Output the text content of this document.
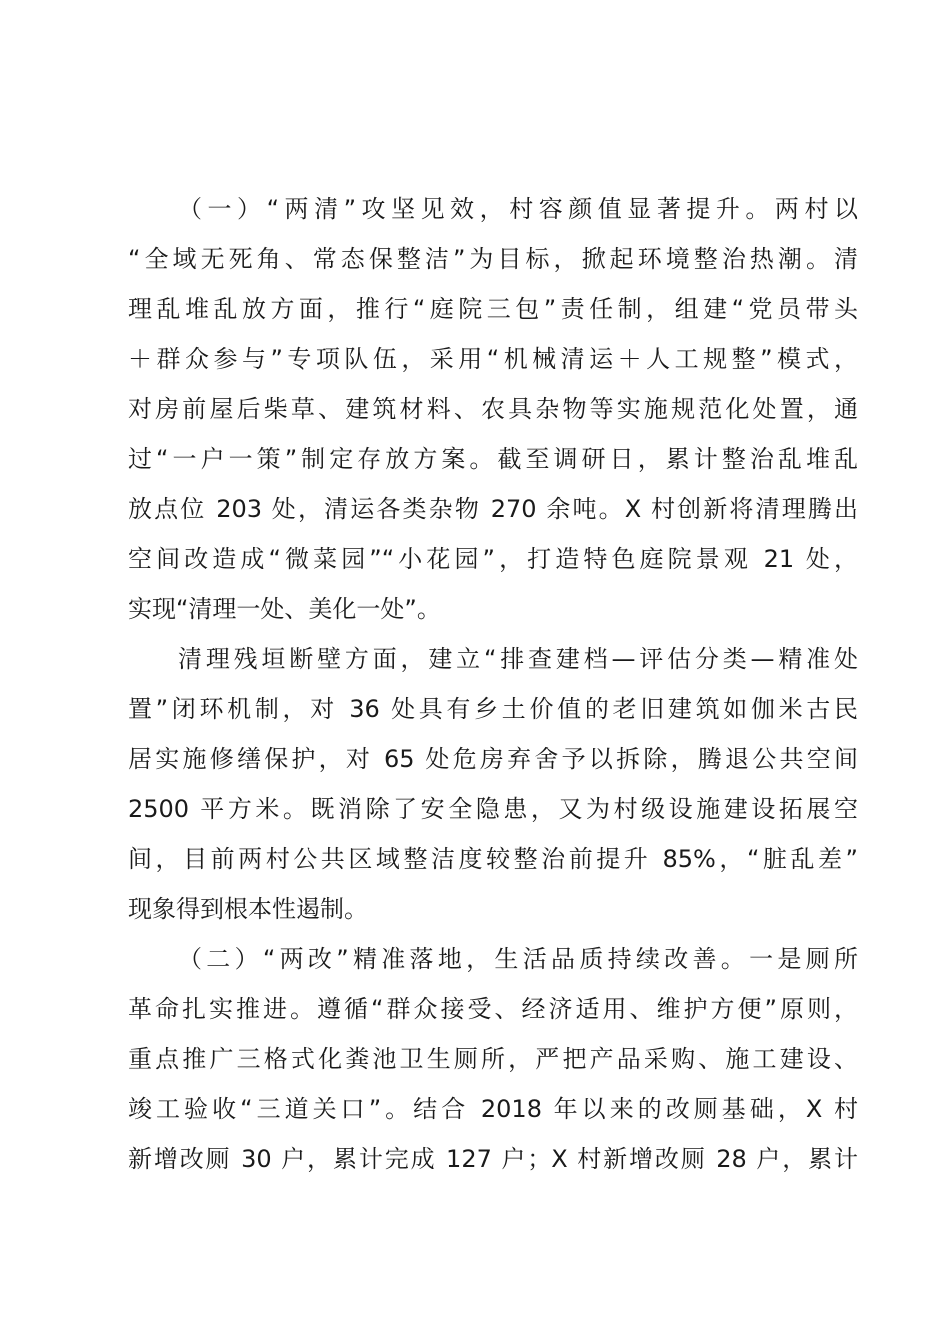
（一）“两清”攻坚见效，村容颜值显著提升。两村以
“全域无死角、常态保整洁”为目标，掀起环境整治热潮。清
理乱堆乱放方面，推行“庭院三包”责任制，组建“党员带头
＋群众参与”专项队伍，采用“机械清运＋人工规整”模式，
对房前屋后柴草、建筑材料、农具杂物等实施规范化处置，通
过“一户一策”制定存放方案。截至调研日，累计整治乱堆乱
放点位 203 处，清运各类杂物 270 余吨。X 村创新将清理腾出
空间改造成“微菜园”“小花园”，打造特色庭院景观 21 处，
实现“清理一处、美化一处”。
清理残垣断壁方面，建立“排查建档—评估分类—精准处
置”闭环机制，对 36 处具有乡土价值的老旧建筑如伽米古民
居实施修缮保护，对 65 处危房弃舍予以拆除，腾退公共空间
2500 平方米。既消除了安全隐患，又为村级设施建设拓展空
间，目前两村公共区域整洁度较整治前提升 85%，“脏乱差”
现象得到根本性遏制。
（二）“两改”精准落地，生活品质持续改善。一是厕所
革命扎实推进。遵循“群众接受、经济适用、维护方便”原则，
重点推广三格式化粪池卫生厕所，严把产品采购、施工建设、
竣工验收“三道关口”。结合 2018 年以来的改厕基础，X 村
新增改厕 30 户，累计完成 127 户；X 村新增改厕 28 户，累计
